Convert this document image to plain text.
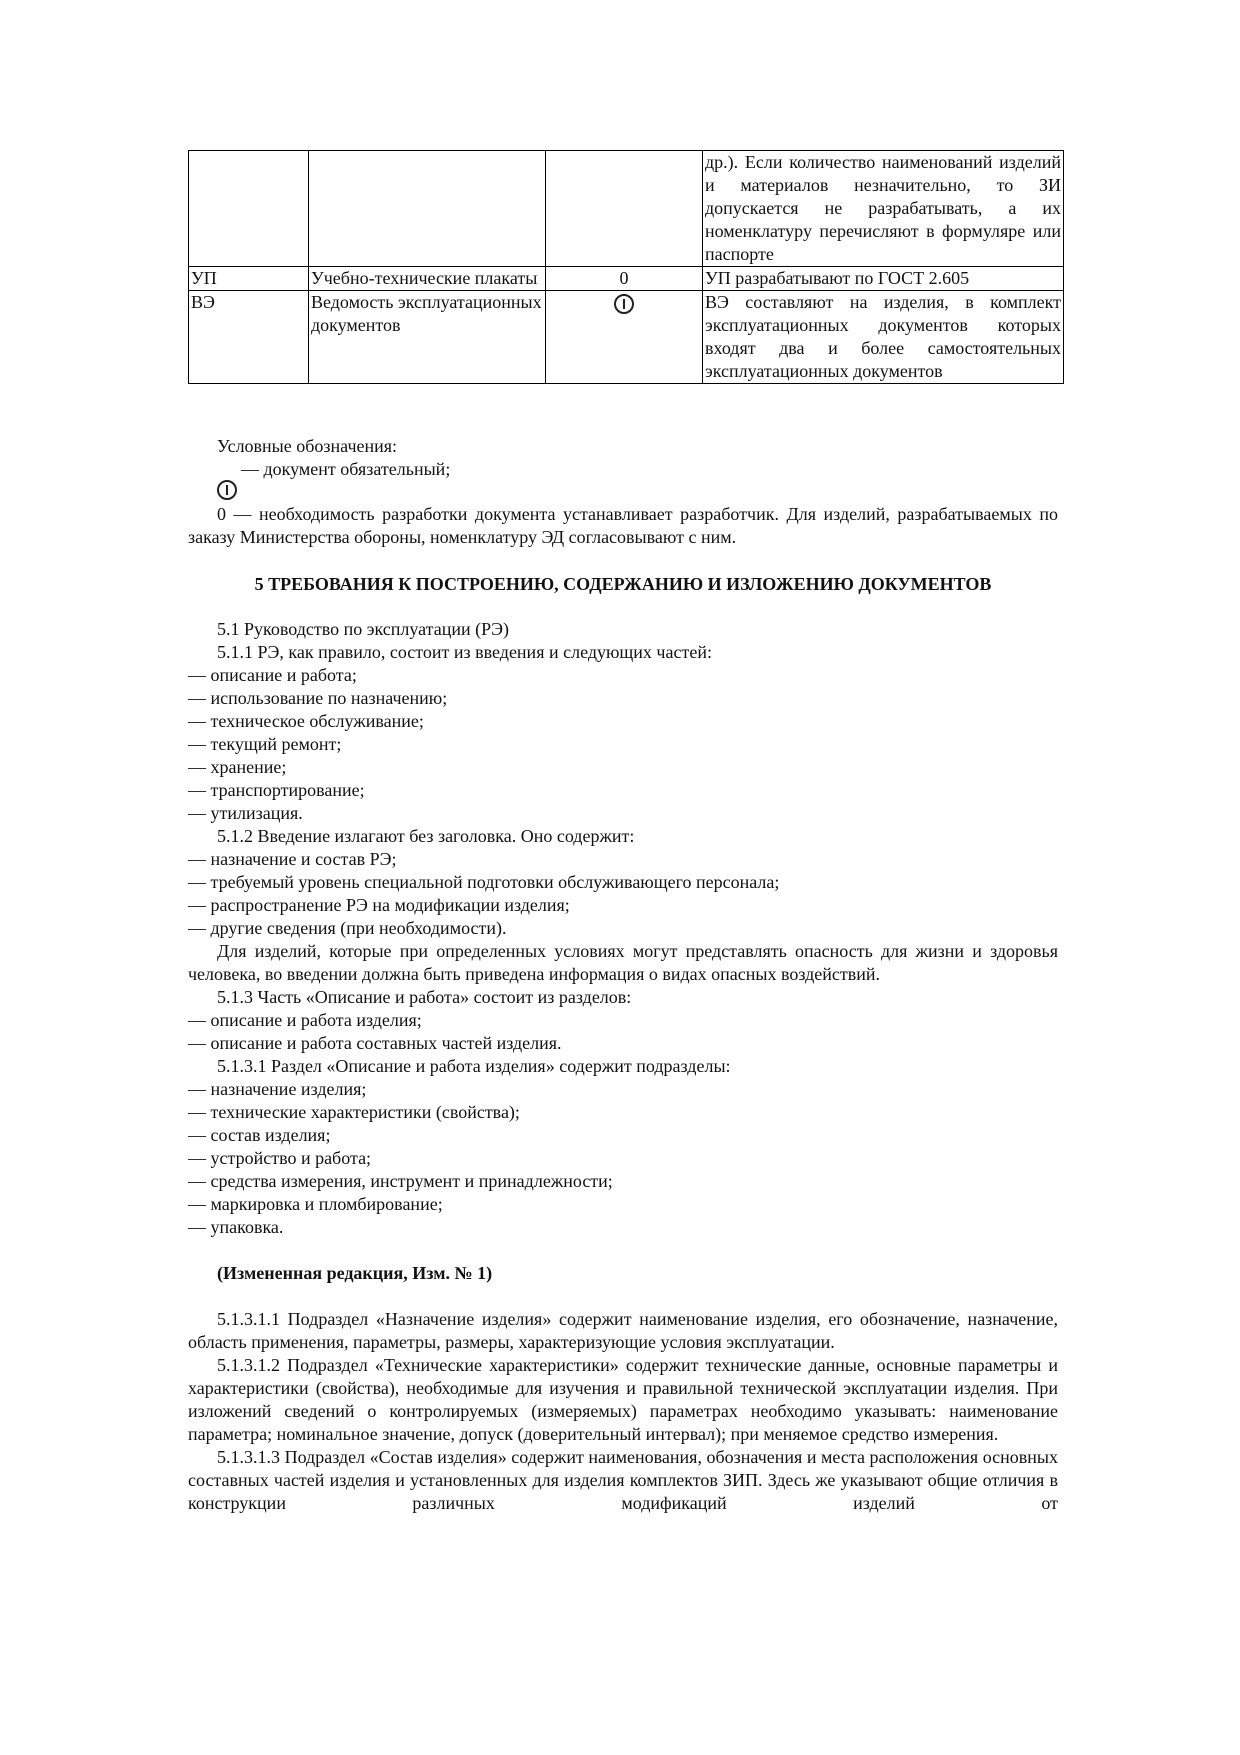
			др.). Если количество наименований изделий и материалов незначительно, то ЗИ допускается не разрабатывать, а их номенклатуру перечисляют в формуляре или паспорте
УП	Учебно-технические плакаты	0	УП разрабатывают по ГОСТ 2.605
ВЭ	Ведомость эксплуатационных документов		ВЭ составляют на изделия, в комплект эксплуатационных документов которых входят два и более самостоятельных эксплуатационных документов

Условные обозначения:

— документ обязательный;

0 — необходимость разработки документа устанавливает разработчик. Для изделий, разрабатываемых по заказу Министерства обороны, номенклатуру ЭД согласовывают с ним.

5 ТРЕБОВАНИЯ К ПОСТРОЕНИЮ, СОДЕРЖАНИЮ И ИЗЛОЖЕНИЮ ДОКУМЕНТОВ

5.1 Руководство по эксплуатации (РЭ)

5.1.1 РЭ, как правило, состоит из введения и следующих частей:

— описание и работа;

— использование по назначению;

— техническое обслуживание;

— текущий ремонт;

— хранение;

— транспортирование;

— утилизация.

5.1.2 Введение излагают без заголовка. Оно содержит:

— назначение и состав РЭ;

— требуемый уровень специальной подготовки обслуживающего персонала;

— распространение РЭ на модификации изделия;

— другие сведения (при необходимости).

Для изделий, которые при определенных условиях могут представлять опасность для жизни и здоровья человека, во введении должна быть приведена информация о видах опасных воздействий.

5.1.3 Часть «Описание и работа» состоит из разделов:

— описание и работа изделия;

— описание и работа составных частей изделия.

5.1.3.1 Раздел «Описание и работа изделия» содержит подразделы:

— назначение изделия;

— технические характеристики (свойства);

— состав изделия;

— устройство и работа;

— средства измерения, инструмент и принадлежности;

— маркировка и пломбирование;

— упаковка.

(Измененная редакция, Изм. № 1)

5.1.3.1.1 Подраздел «Назначение изделия» содержит наименование изделия, его обозначение, назначение, область применения, параметры, размеры, характеризующие условия эксплуатации.

5.1.3.1.2 Подраздел «Технические характеристики» содержит технические данные, основные параметры и характеристики (свойства), необходимые для изучения и правильной технической эксплуатации изделия. При изложений сведений о контролируемых (измеряемых) параметрах необходимо указывать: наименование параметра; номинальное значение, допуск (доверительный интервал); при меняемое средство измерения.

5.1.3.1.3 Подраздел «Состав изделия» содержит наименования, обозначения и места расположения основных составных частей изделия и установленных для изделия комплектов ЗИП. Здесь же указывают общие отличия в конструкции различных модификаций изделий от
